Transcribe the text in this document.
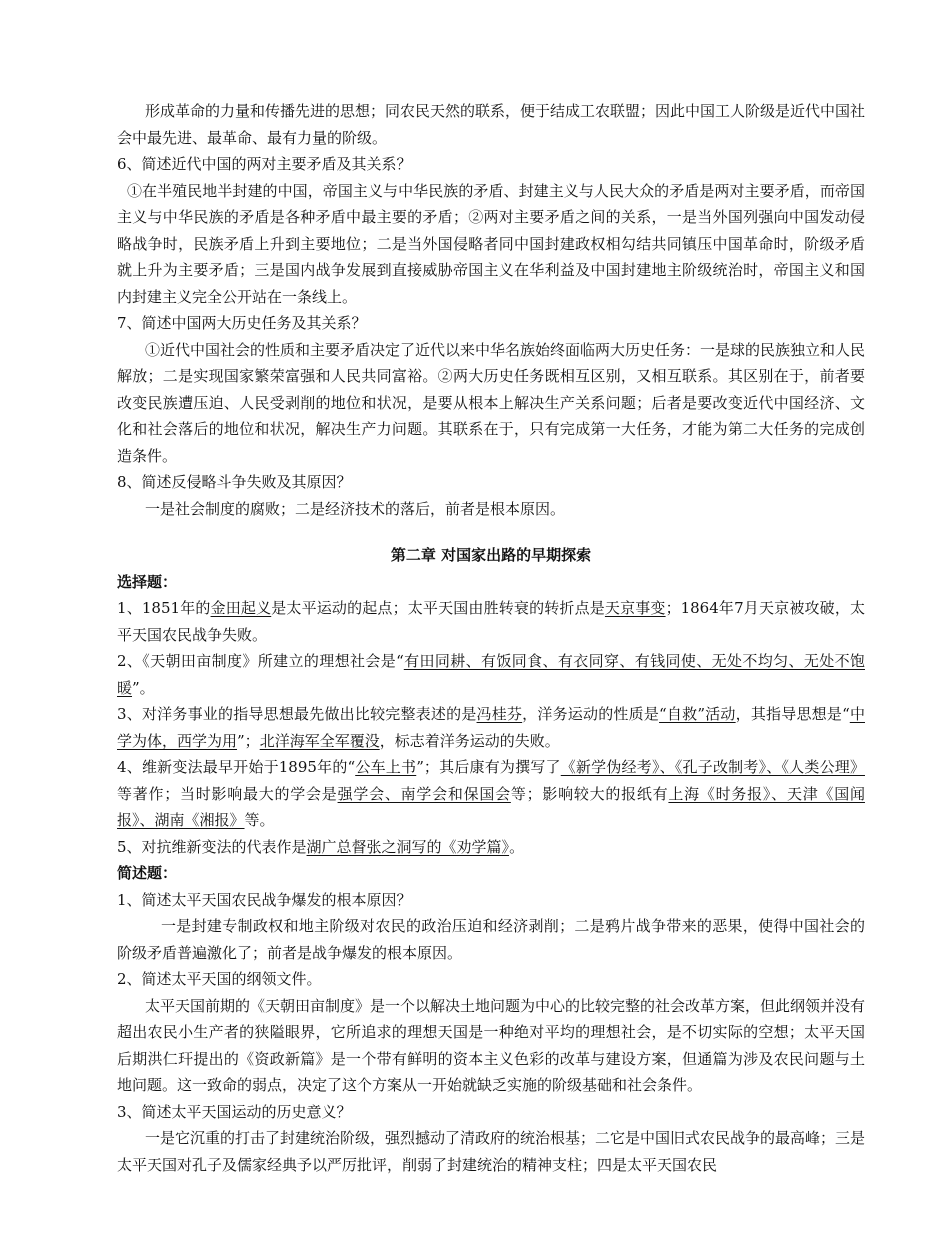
形成革命的力量和传播先进的思想；同农民天然的联系，便于结成工农联盟；因此中国工人阶级是近代中国社会中最先进、最革命、最有力量的阶级。

6、简述近代中国的两对主要矛盾及其关系？

①在半殖民地半封建的中国，帝国主义与中华民族的矛盾、封建主义与人民大众的矛盾是两对主要矛盾，而帝国主义与中华民族的矛盾是各种矛盾中最主要的矛盾；②两对主要矛盾之间的关系，一是当外国列强向中国发动侵略战争时，民族矛盾上升到主要地位；二是当外国侵略者同中国封建政权相勾结共同镇压中国革命时，阶级矛盾就上升为主要矛盾；三是国内战争发展到直接威胁帝国主义在华利益及中国封建地主阶级统治时，帝国主义和国内封建主义完全公开站在一条线上。

7、简述中国两大历史任务及其关系？

①近代中国社会的性质和主要矛盾决定了近代以来中华名族始终面临两大历史任务：一是球的民族独立和人民解放；二是实现国家繁荣富强和人民共同富裕。②两大历史任务既相互区别，又相互联系。其区别在于，前者要改变民族遭压迫、人民受剥削的地位和状况，是要从根本上解决生产关系问题；后者是要改变近代中国经济、文化和社会落后的地位和状况，解决生产力问题。其联系在于，只有完成第一大任务，才能为第二大任务的完成创造条件。

8、简述反侵略斗争失败及其原因？

一是社会制度的腐败；二是经济技术的落后，前者是根本原因。

第二章 对国家出路的早期探索

选择题：

1、1851年的金田起义是太平运动的起点；太平天国由胜转衰的转折点是天京事变；1864年7月天京被攻破，太平天国农民战争失败。

2、《天朝田亩制度》所建立的理想社会是“有田同耕、有饭同食、有衣同穿、有钱同使、无处不均匀、无处不饱暖”。

3、对洋务事业的指导思想最先做出比较完整表述的是冯桂芬，洋务运动的性质是“自救”活动，其指导思想是“中学为体，西学为用”；北洋海军全军覆没，标志着洋务运动的失败。

4、维新变法最早开始于1895年的“公车上书”；其后康有为撰写了《新学伪经考》、《孔子改制考》、《人类公理》等著作；当时影响最大的学会是强学会、南学会和保国会等；影响较大的报纸有上海《时务报》、天津《国闻报》、湖南《湘报》等。

5、对抗维新变法的代表作是湖广总督张之洞写的《劝学篇》。

简述题：

1、简述太平天国农民战争爆发的根本原因？

一是封建专制政权和地主阶级对农民的政治压迫和经济剥削；二是鸦片战争带来的恶果，使得中国社会的阶级矛盾普遍激化了；前者是战争爆发的根本原因。

2、简述太平天国的纲领文件。

太平天国前期的《天朝田亩制度》是一个以解决土地问题为中心的比较完整的社会改革方案，但此纲领并没有超出农民小生产者的狭隘眼界，它所追求的理想天国是一种绝对平均的理想社会，是不切实际的空想；太平天国后期洪仁玕提出的《资政新篇》是一个带有鲜明的资本主义色彩的改革与建设方案，但通篇为涉及农民问题与土地问题。这一致命的弱点，决定了这个方案从一开始就缺乏实施的阶级基础和社会条件。

3、简述太平天国运动的历史意义？

一是它沉重的打击了封建统治阶级，强烈撼动了清政府的统治根基；二它是中国旧式农民战争的最高峰；三是太平天国对孔子及儒家经典予以严厉批评，削弱了封建统治的精神支柱；四是太平天国农民
